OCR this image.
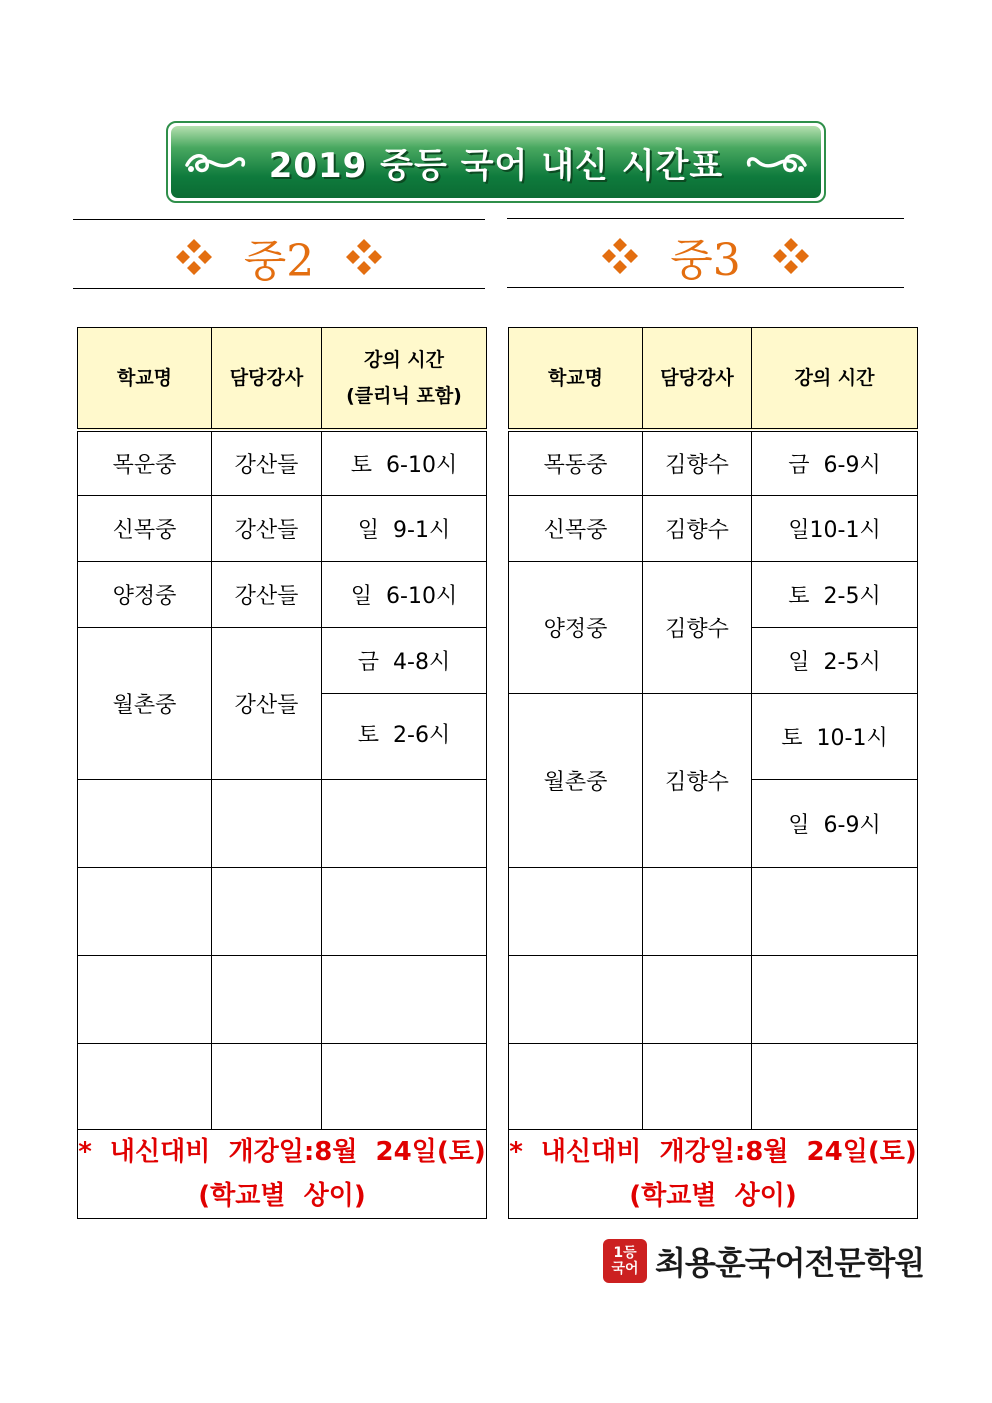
2019 중등 국어 내신 시간표
중2	중3
학교명	담당강사	강의 시간
(클리닉 포함)

목운중	강산들	토  6-10시
신목중	강산들	일  9-1시
양정중	강산들	일  6-10시
월촌중	강산들	금  4-8시
		토  2-6시

*  내신대비  개강일:8월  24일(토)
(학교별  상이)		
학교명	담당강사	강의 시간
목동중	김향수	금  6-9시
신목중	김향수	일10-1시
양정중	김향수	토  2-5시
		일  2-5시
월촌중	김향수	토  10-1시
		일  6-9시

*  내신대비  개강일:8월  24일(토)
(학교별  상이)		
1등국어 최용훈국어전문학원
